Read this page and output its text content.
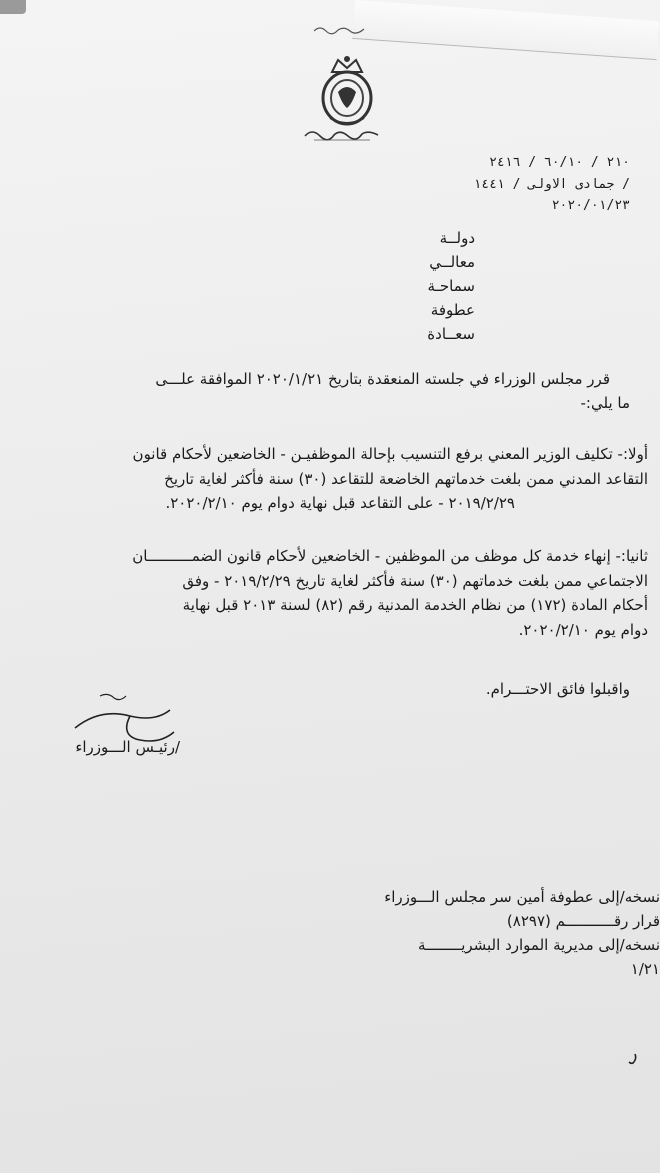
٢١٠ / ٦٠/١٠ / ٢٤١٦
/ جمادى الاولى / ١٤٤١
٢٠٢٠/٠١/٢٣
دولــة
معالــي
سماحـة
عطوفة
سعــادة
قرر مجلس الوزراء في جلسته المنعقدة بتاريخ ٢٠٢٠/١/٢١ الموافقة علـــى
ما يلي:-
أولا:- تكليف الوزير المعني برفع التنسيب بإحالة الموظفيـن - الخاضعين لأحكام قانون
التقاعد المدني ممن بلغت خدماتهم الخاضعة للتقاعد (٣٠) سنة فأكثر لغاية تاريخ
٢٠١٩/٢/٢٩ - على التقاعد قبل نهاية دوام يوم ٢٠٢٠/٢/١٠.
ثانيا:- إنهاء خدمة كل موظف من الموظفين - الخاضعين لأحكام قانون الضمــــــــــان
الاجتماعي ممن بلغت خدماتهم (٣٠) سنة فأكثر لغاية تاريخ ٢٠١٩/٢/٢٩ - وفق
أحكام المادة (١٧٢) من نظام الخدمة المدنية رقم (٨٢) لسنة ٢٠١٣ قبل نهاية
دوام يوم ٢٠٢٠/٢/١٠.
واقبلوا فائق الاحتـــرام.
/رئيـس الـــوزراء
نسخه/إلى عطوفة أمين سر مجلس الـــوزراء
قرار رقـــــــــــم (٨٢٩٧)
نسخه/إلى مديرية الموارد البشريــــــــة
١/٢١
